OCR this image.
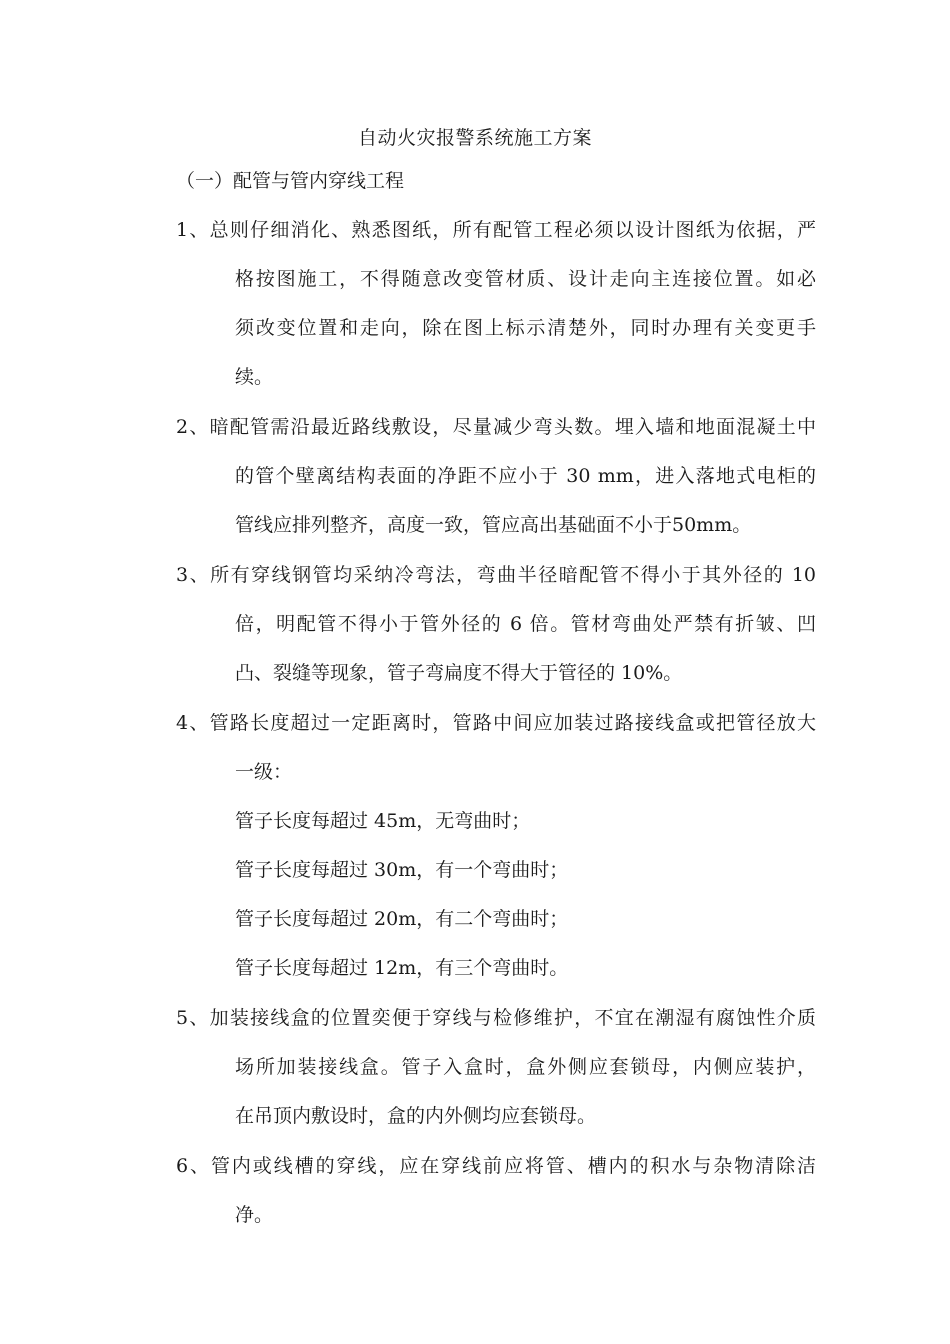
自动火灾报警系统施工方案
（一）配管与管内穿线工程
1、总则仔细消化、熟悉图纸，所有配管工程必须以设计图纸为依据，严
格按图施工，不得随意改变管材质、设计走向主连接位置。如必
须改变位置和走向，除在图上标示清楚外，同时办理有关变更手
续。
2、暗配管需沿最近路线敷设，尽量减少弯头数。埋入墙和地面混凝土中
的管个壁离结构表面的净距不应小于 30 mm，进入落地式电柜的
管线应排列整齐，高度一致，管应高出基础面不小于50mm。
3、所有穿线钢管均采纳冷弯法，弯曲半径暗配管不得小于其外径的 10
倍，明配管不得小于管外径的 6 倍。管材弯曲处严禁有折皱、凹
凸、裂缝等现象，管子弯扁度不得大于管径的 10%。
4、管路长度超过一定距离时，管路中间应加装过路接线盒或把管径放大
一级：
管子长度每超过 45m，无弯曲时；
管子长度每超过 30m，有一个弯曲时；
管子长度每超过 20m，有二个弯曲时；
管子长度每超过 12m，有三个弯曲时。
5、加装接线盒的位置奕便于穿线与检修维护，不宜在潮湿有腐蚀性介质
场所加装接线盒。管子入盒时，盒外侧应套锁母，内侧应装护，
在吊顶内敷设时，盒的内外侧均应套锁母。
6、管内或线槽的穿线，应在穿线前应将管、槽内的积水与杂物清除洁
净。
